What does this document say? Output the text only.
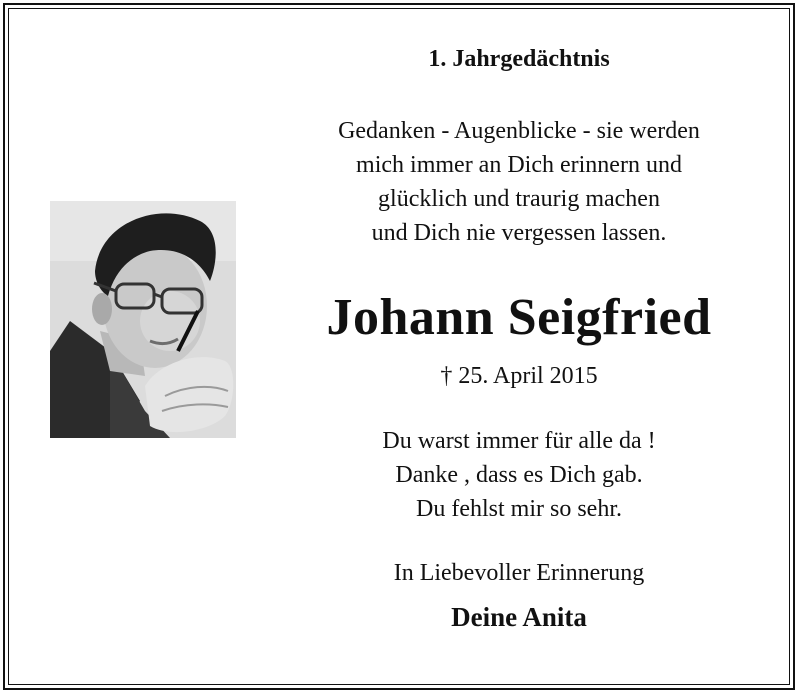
1. Jahrgedächtnis
Gedanken - Augenblicke - sie werden
mich immer an Dich erinnern und
glücklich und traurig machen
und Dich nie vergessen lassen.
Johann Seigfried
† 25. April 2015
Du warst immer für alle da !
Danke , dass es Dich gab.
Du fehlst mir so sehr.
In Liebevoller Erinnerung
Deine Anita
